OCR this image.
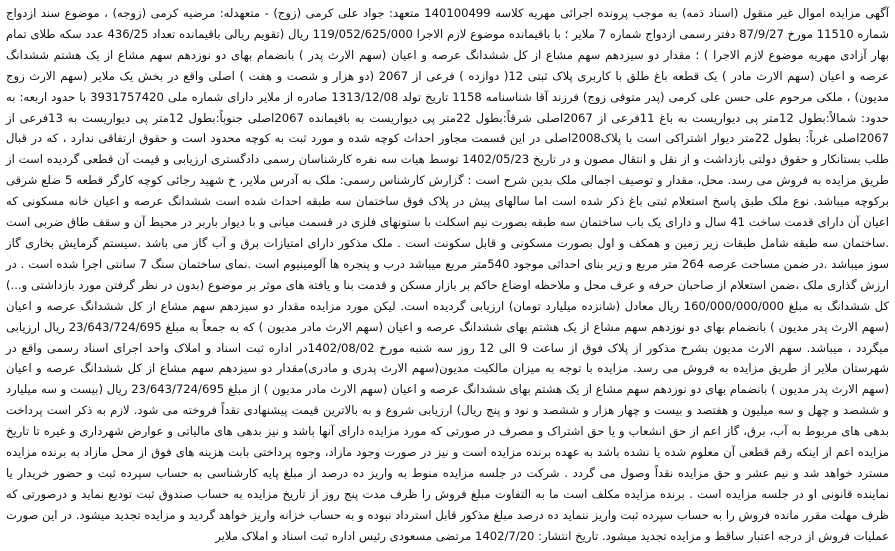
آگهی مزایده اموال غیر منقول (اسناد ذمه) به موجب پرونده اجرائی مهریه کلاسه 140100499 متعهد: جواد علی کرمی (زوج) - متعهدله: مرضیه کرمی (زوجه) ، موضوع سند ازدواج شماره 11510 مورخ 87/9/27 دفتر رسمی ازدواج شماره 7 ملایر ؛ با باقیمانده موضوع لازم الاجرا 119/052/625/000 ریال (تقویم ریالی باقیمانده تعداد 436/25 عدد سکه طلای تمام بهار آزادی مهریه موضوع لازم الاجرا ) ؛ مقدار دو سیزدهم سهم مشاع از کل ششدانگ عرصه و اعیان (سهم الارث پدر ) بانضمام بهای دو نوزدهم سهم مشاع از یک هشتم ششدانگ عرصه و اعیان (سهم الارث مادر ) یک قطعه باغ طلق با کاربری پلاک ثبتی 12( دوازده ) فرعی از 2067 (دو هزار و شصت و هفت ) اصلی واقع در بخش یک ملایر (سهم الارث زوج مدیون) ، ملکی مرحوم علی حسن علی کرمی (پدر متوفی زوج) فرزند آقا شناسنامه 1158 تاریخ تولد 1313/12/08 صادره از ملایر دارای شماره ملی 3931757420 با حدود اربعه: به حدود: شمالاً:بطول 12متر پی دیواریست به باغ 11فرعی از 2067اصلی شرقاً:بطول 22متر پی دیواریست به باقیمانده 2067اصلی جنوباً:بطول 12متر پی دیواریست به 13فرعی از 2067اصلی غرباً: بطول 22متر دیوار اشتراکی است با پلاک2008اصلی در این قسمت مجاور احداث کوچه شده و مورد ثبت به کوچه محدود است و حقوق ارتفاقی ندارد ، که در قبال طلب بستانکار و حقوق دولتی بازداشت و از نقل و انتقال مصون و در تاریخ 1402/05/23 توسط هیات سه نفره کارشناسان رسمی دادگستری ارزیابی و قیمت آن قطعی گردیده است از طریق مزایده به فروش می رسد. محل، مقدار و توصیف اجمالی ملک بدین شرح است : گزارش کارشناس رسمی: ملک به آدرس ملایر، خ شهید رجائی کوچه کارگر قطعه 5 ضلع شرقی برکوچه میباشد. نوع ملک طبق پاسخ استعلام ثبتی باغ ذکر شده است اما سالهای پیش در پلاک فوق ساختمان سه طبقه احداث شده است ششدانگ عرصه و اعیان خانه مسکونی که اعیان آن دارای قدمت ساخت 41 سال و دارای یک باب ساختمان سه طبقه بصورت نیم اسکلت با ستونهای فلزی در قسمت میانی و با دیوار باربر در محیط آن و سقف طاق ضربی است .ساختمان سه طبقه شامل طبقات زیر زمین و همکف و اول بصورت مسکونی و قابل سکونت است . ملک مذکور دارای امتیازات برق و آب گاز می باشد .سیستم گرمایش بخاری گاز سوز میباشد .در ضمن مساحت عرصه 264 متر مربع و زیر بنای احداثی موجود 540متر مربع میباشد درب و پنجره ها آلومینیوم است .نمای ساختمان سنگ 7 سانتی اجرا شده است . در ارزش گذاری ملک ،ضمن استعلام از صاحبان حرفه و عرف محل و ملاحظه اوضاع حاکم بر بازار مسکن و قدمت بنا و یافته های موثر بر موضوع (بدون در نظر گرفتن مورد بازداشتی و...) کل ششدانگ به مبلغ 160/000/000/000 ریال معادل (شانزده میلیارد تومان) ارزیابی گردیده است. لیکن مورد مزایده مقدار دو سیزدهم سهم مشاع از کل ششدانگ عرصه و اعیان (سهم الارث پدر مدیون ) بانضمام بهای دو نوزدهم سهم مشاع از یک هشتم بهای ششدانگ عرصه و اعیان (سهم الارث مادر مدیون ) که به جمعاً به مبلغ 23/643/724/695 ریال ارزیابی میگردد ، میباشد. سهم الارث مدیون بشرح مذکور از پلاک فوق از ساعت 9 الی 12 روز سه شنبه مورخ 1402/08/02در اداره ثبت اسناد و املاک واحد اجرای اسناد رسمی واقع در شهرستان ملایر از طریق مزایده به فروش می رسد. مزایده با توجه به میزان مالکیت مدیون(سهم الارث پدری و مادری)مقدار دو سیزدهم سهم مشاع از کل ششدانگ عرصه و اعیان (سهم الارث پدر مدیون ) بانضمام بهای دو نوزدهم سهم مشاع از یک هشتم بهای ششدانگ عرصه و اعیان (سهم الارث مادر مدیون ) از مبلغ 23/643/724/695 ریال (بیست و سه میلیارد و ششصد و چهل و سه میلیون و هفتصد و بیست و چهار هزار و ششصد و نود و پنج ریال) ارزیابی شروع و به بالاترین قیمت پیشنهادی نقداً فروخته می شود. لازم به ذکر است پرداخت بدهی های مربوط به آب، برق، گاز اعم از حق انشعاب و یا حق اشتراک و مصرف در صورتی که مورد مزایده دارای آنها باشد و نیز بدهی های مالیاتی و عوارض شهرداری و غیره تا تاریخ مزایده اعم از اینکه رقم قطعی آن معلوم شده یا نشده باشد به عهده برنده مزایده است و نیز در صورت وجود مازاد، وجوه پرداختی بابت هزینه های فوق از محل مازاد به برنده مزایده مسترد خواهد شد و نیم عشر و حق مزایده نقداً وصول می گردد . شرکت در جلسه مزایده منوط به واریز ده درصد از مبلغ پایه کارشناسی به حساب سپرده ثبت و حضور خریدار یا نماینده قانونی او در جلسه مزایده است . برنده مزایده مکلف است ما به التفاوت مبلغ فروش را ظرف مدت پنج روز از تاریخ مزایده به حساب صندوق ثبت تودیع نماید و درصورتی که ظرف مهلت مقرر مانده فروش را به حساب سپرده ثبت واریز ننماید ده درصد مبلغ مذکور قابل استرداد نبوده و به حساب خزانه واریز خواهد گردید و مزایده تجدید میشود. در این صورت عملیات فروش از درجه اعتبار ساقط و مزایده تجدید میشود. تاریخ انتشار: 1402/7/20 مرتضی مسعودی رئیس اداره ثبت اسناد و املاک ملایر
